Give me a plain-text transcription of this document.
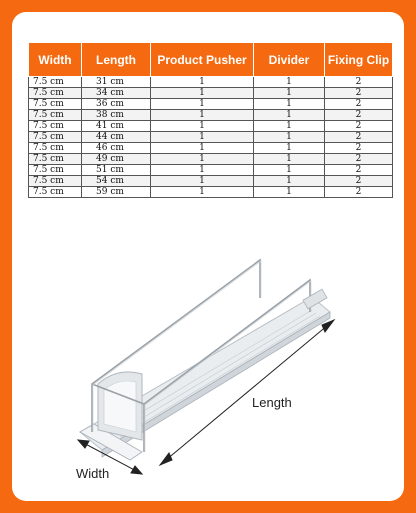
Width	Length	Product Pusher	Divider	Fixing Clip
7.5 cm	31 cm	1	1	2
7.5 cm	34 cm	1	1	2
7.5 cm	36 cm	1	1	2
7.5 cm	38 cm	1	1	2
7.5 cm	41 cm	1	1	2
7.5 cm	44 cm	1	1	2
7.5 cm	46 cm	1	1	2
7.5 cm	49 cm	1	1	2
7.5 cm	51 cm	1	1	2
7.5 cm	54 cm	1	1	2
7.5 cm	59 cm	1	1	2
Length
Width
